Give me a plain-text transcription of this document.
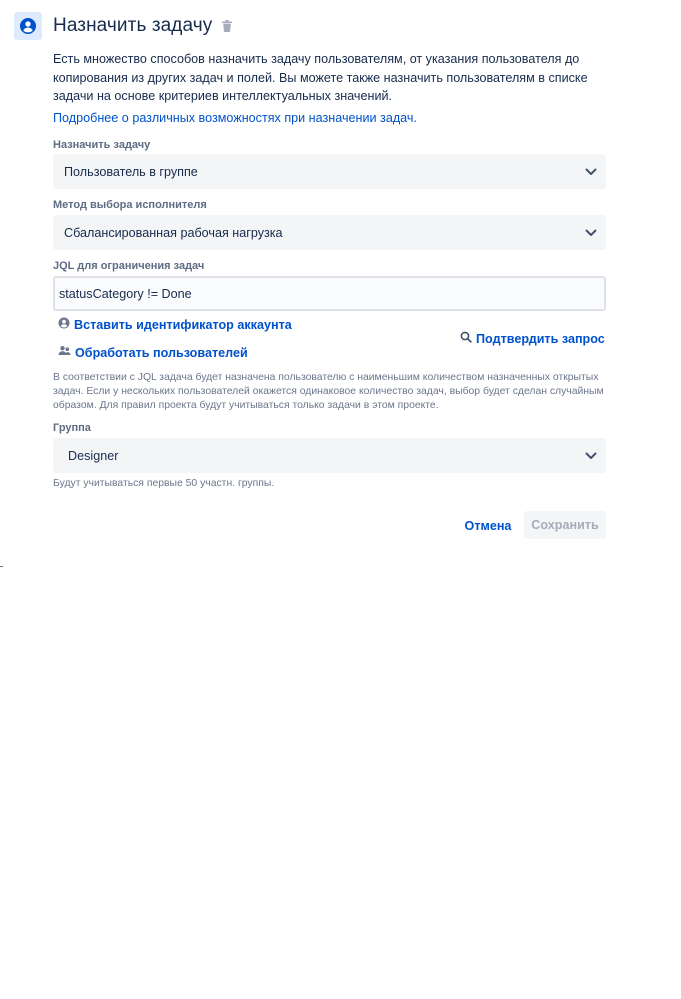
Назначить задачу
Есть множество способов назначить задачу пользователям, от указания пользователя до копирования из других задач и полей. Вы можете также назначить пользователям в списке задачи на основе критериев интеллектуальных значений.
Подробнее о различных возможностях при назначении задач.
Назначить задачу
Пользователь в группе
Метод выбора исполнителя
Сбалансированная рабочая нагрузка
JQL для ограничения задач
statusCategory != Done
Вставить идентификатор аккаунта
Обработать пользователей
Подтвердить запрос
В соответствии с JQL задача будет назначена пользователю с наименьшим количеством назначенных открытых задач. Если у нескольких пользователей окажется одинаковое количество задач, выбор будет сделан случайным образом. Для правил проекта будут учитываться только задачи в этом проекте.
Группа
Designer
Будут учитываться первые 50 участн. группы.
Отмена	Сохранить
